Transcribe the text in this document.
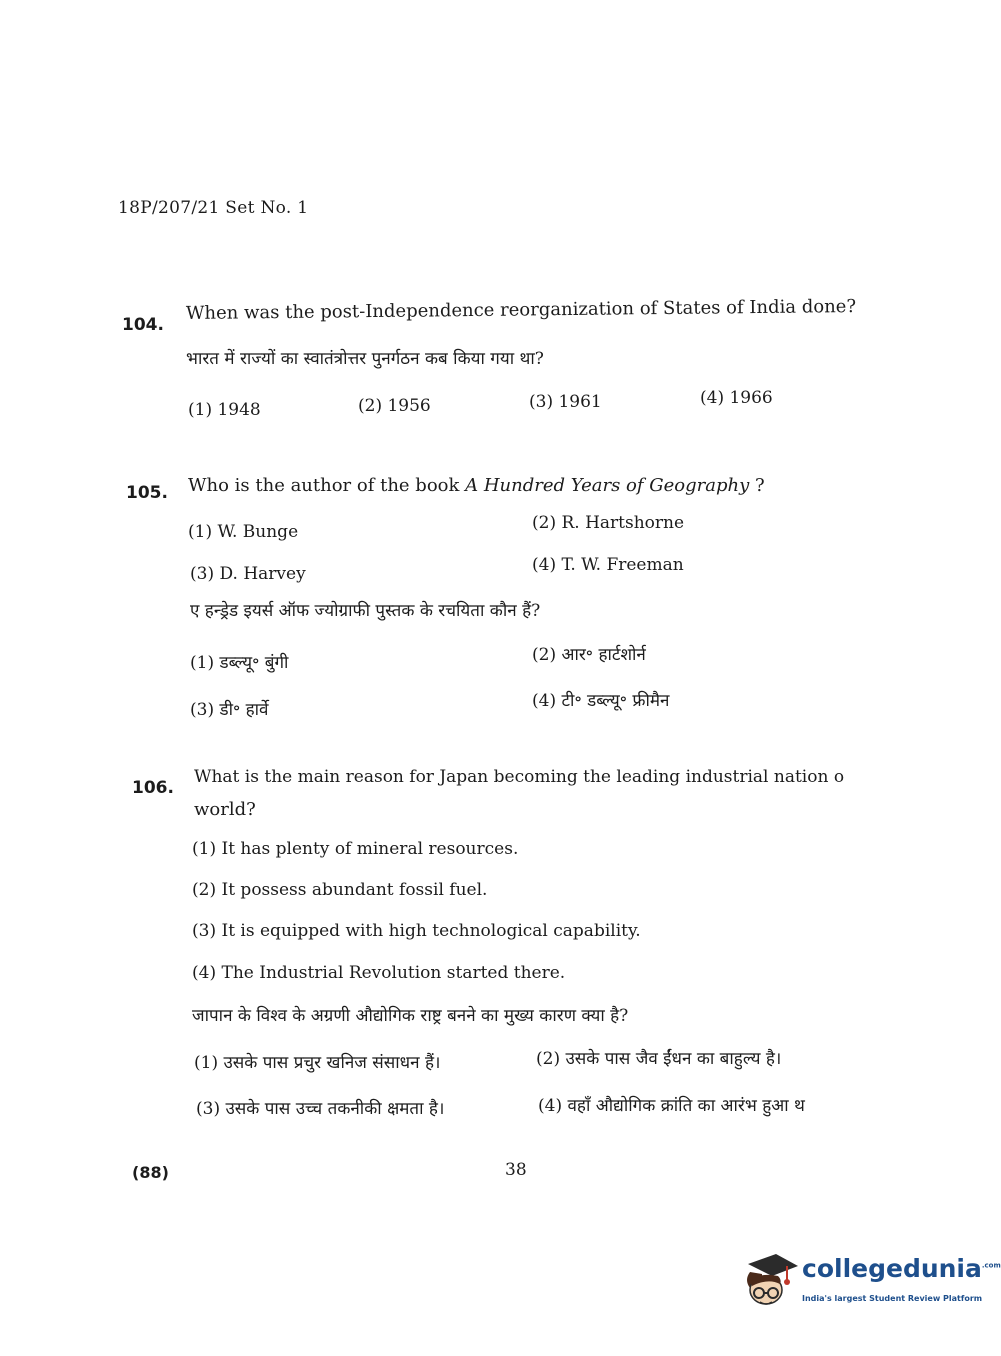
18P/207/21 Set No. 1
104.
When was the post-Independence reorganization of States of India done?
भारत में राज्यों का स्वातंत्रोत्तर पुनर्गठन कब किया गया था?
(1) 1948	(2) 1956	(3) 1961	(4) 1966
105. Who is the author of the book A Hundred Years of Geography ?
(1) W. Bunge	(2) R. Hartshorne
(3) D. Harvey	(4) T. W. Freeman
ए हन्ड्रेड इयर्स ऑफ ज्योग्राफी पुस्तक के रचयिता कौन हैं?
(1) डब्ल्यू॰ बुंगी	(2) आर॰ हार्टशोर्न
(3) डी॰ हार्वे	(4) टी॰ डब्ल्यू॰ फ्रीमैन
106.
What is the main reason for Japan becoming the leading industrial nation o
world?
(1) It has plenty of mineral resources.
(2) It possess abundant fossil fuel.
(3) It is equipped with high technological capability.
(4) The Industrial Revolution started there.
जापान के विश्व के अग्रणी औद्योगिक राष्ट्र बनने का मुख्य कारण क्या है?
(1) उसके पास प्रचुर खनिज संसाधन हैं।	(2) उसके पास जैव ईंधन का बाहुल्य है।
(3) उसके पास उच्च तकनीकी क्षमता है।	(4) वहाँ औद्योगिक क्रांति का आरंभ हुआ थ
(88)	38
collegedunia$^{.com}$
India's largest Student Review Platform
